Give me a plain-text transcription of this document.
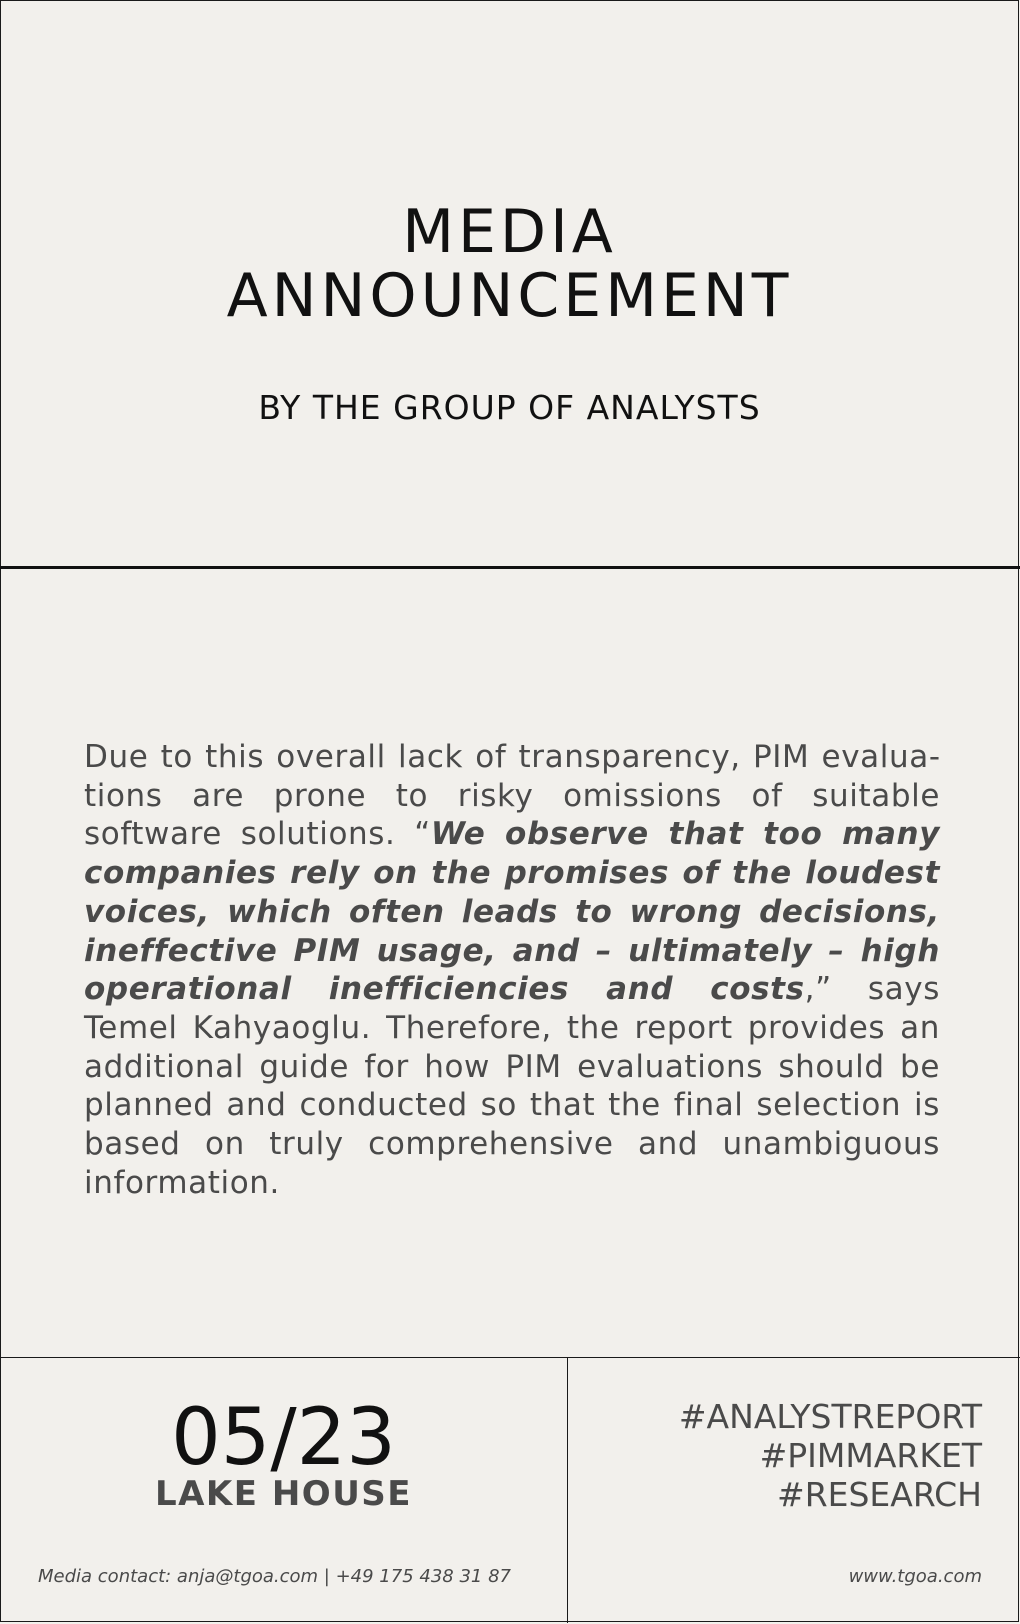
MEDIA
ANNOUNCEMENT
BY THE GROUP OF ANALYSTS

Due to this overall lack of transparency, PIM evaluations are prone to risky omissions of suitable software solutions. “We observe that too many companies rely on the promises of the loudest voices, which often leads to wrong decisions, ineffective PIM usage, and – ultimately – high operational inefficiencies and costs,” says Temel Kahyaoglu. Therefore, the report provides an additional guide for how PIM evaluations should be planned and conducted so that the final selection is based on truly comprehensive and unambiguous information.

05/23
LAKE HOUSE
Media contact: anja@tgoa.com | +49 175 438 31 87
#ANALYSTREPORT
#PIMMARKET
#RESEARCH
www.tgoa.com
